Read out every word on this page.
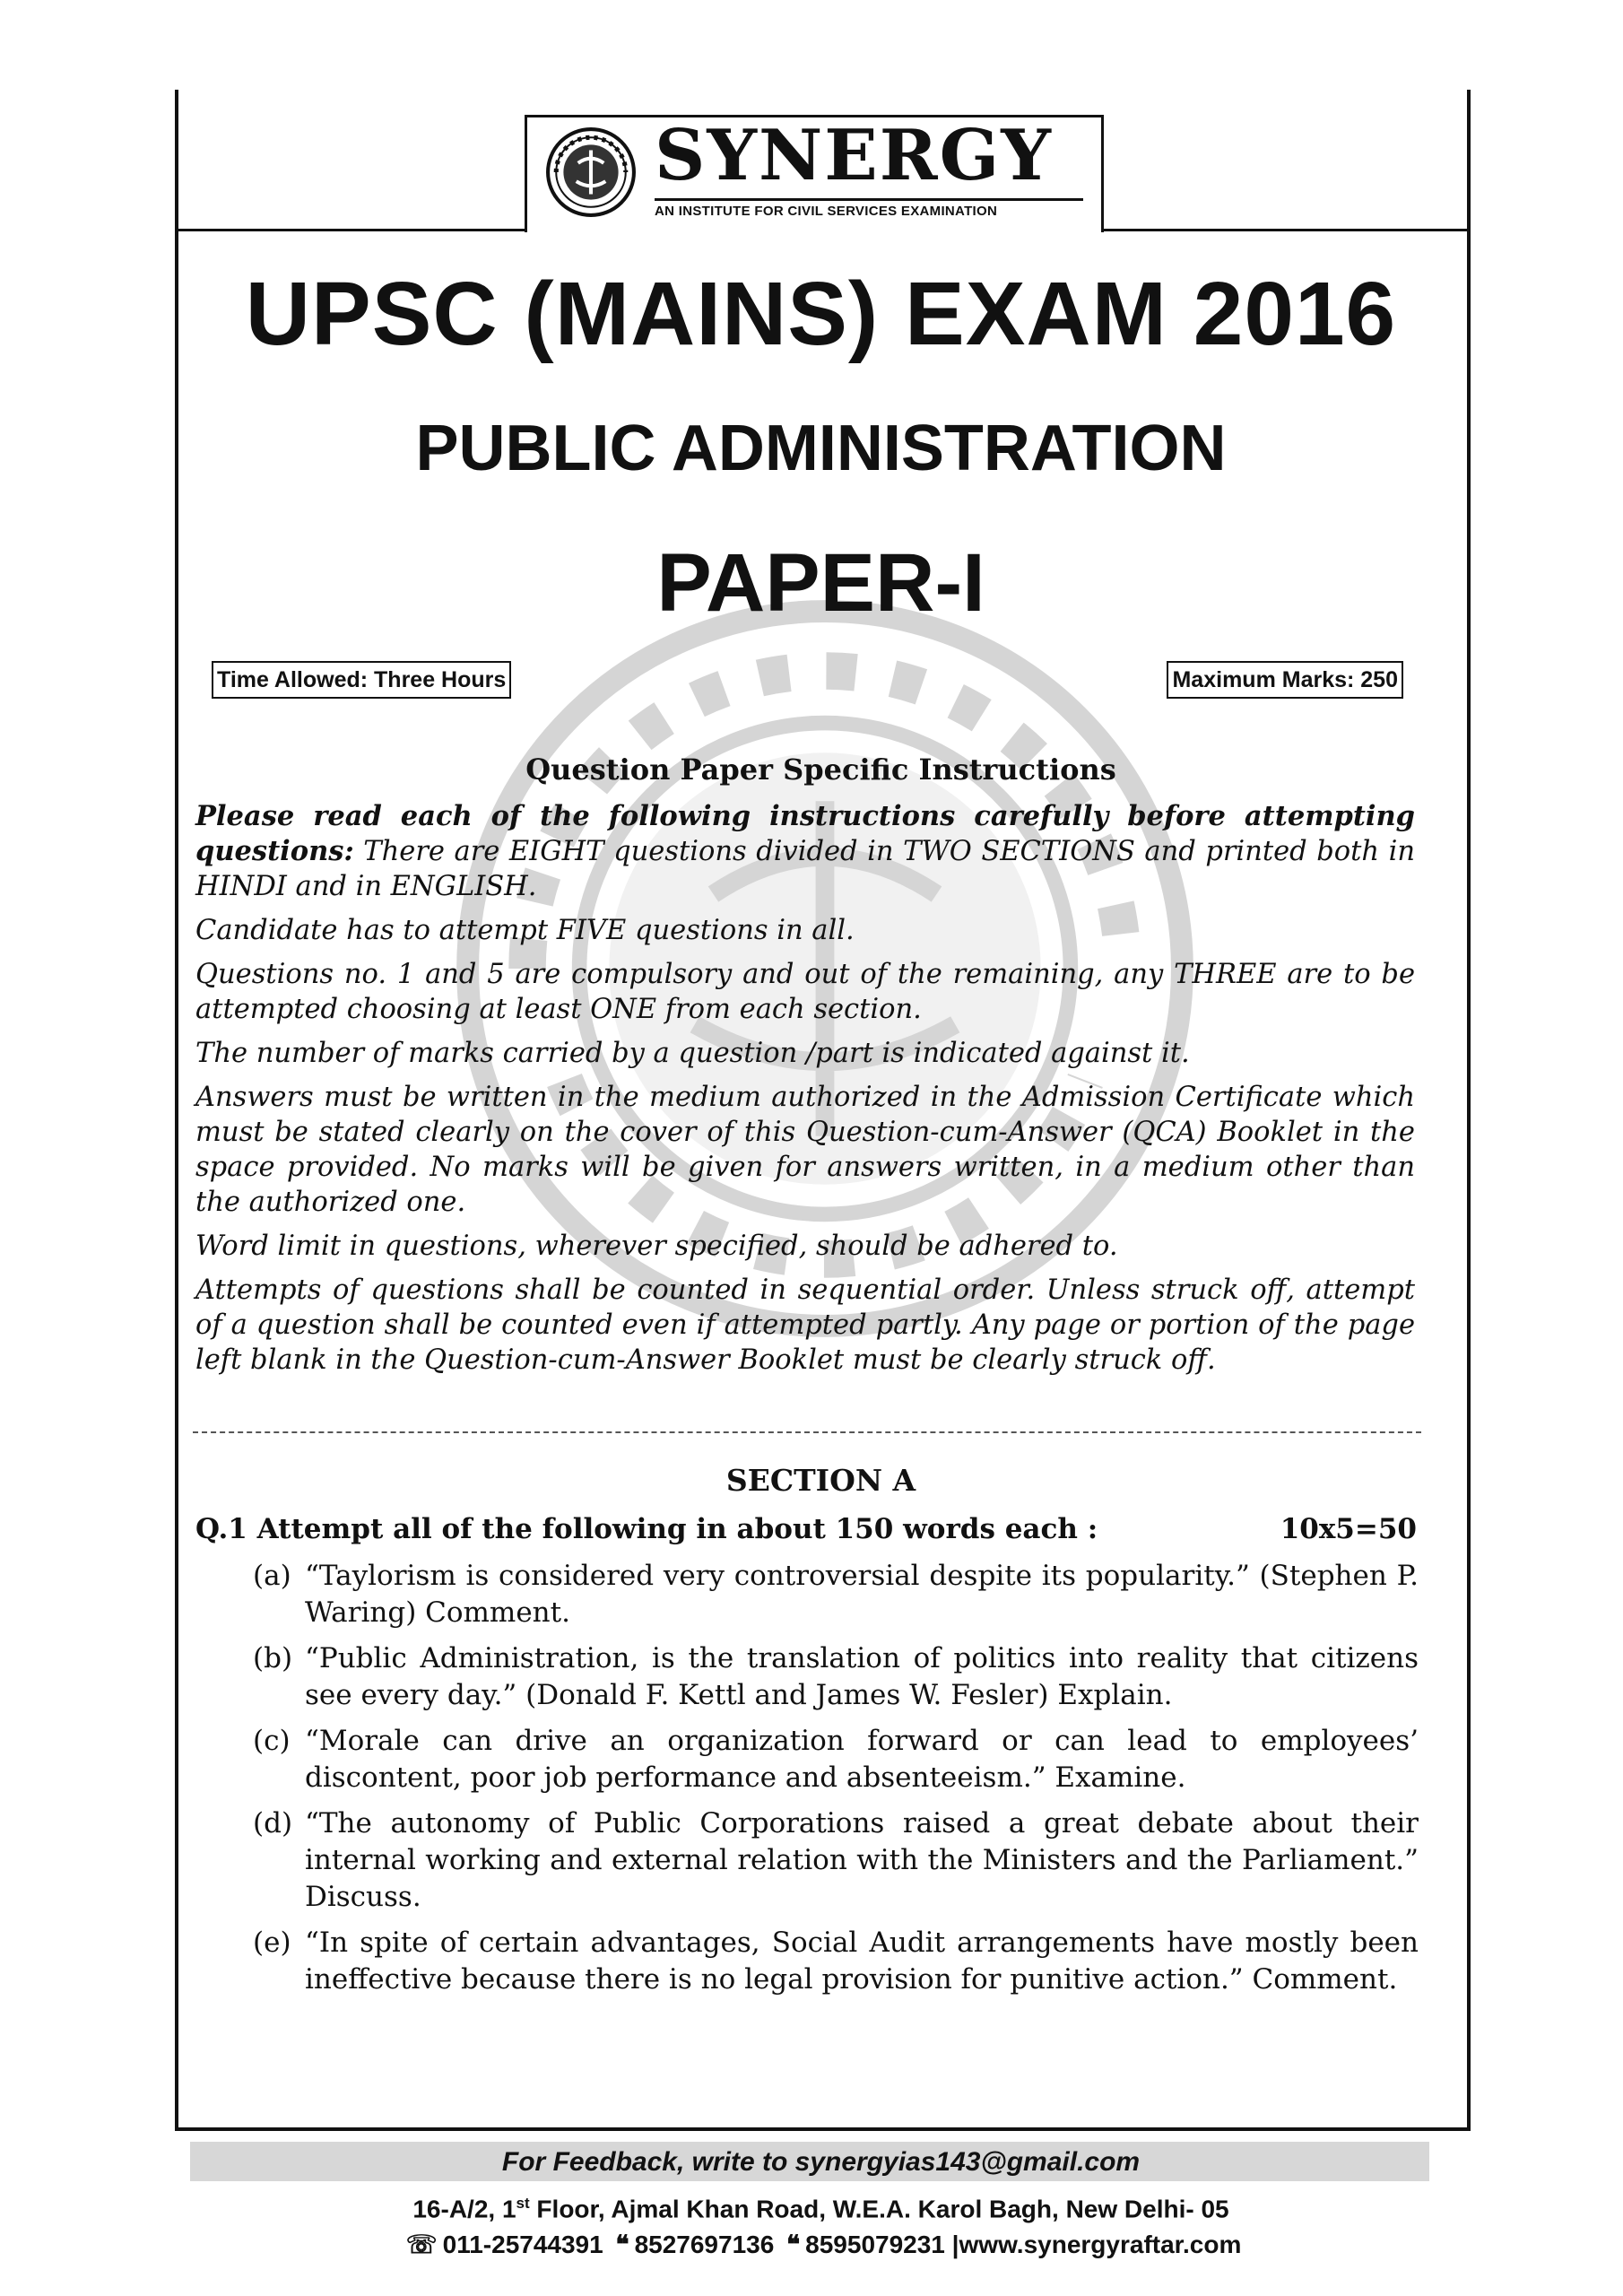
SYNERGY
AN INSTITUTE FOR CIVIL SERVICES EXAMINATION
UPSC (MAINS) EXAM 2016
PUBLIC ADMINISTRATION
PAPER-I
Time Allowed: Three Hours	Maximum Marks: 250
Question Paper Specific Instructions

Please read each of the following instructions carefully before attempting questions: There are EIGHT questions divided in TWO SECTIONS and printed both in HINDI and in ENGLISH.

Candidate has to attempt FIVE questions in all.

Questions no. 1 and 5 are compulsory and out of the remaining, any THREE are to be attempted choosing at least ONE from each section.

The number of marks carried by a question /part is indicated against it.

Answers must be written in the medium authorized in the Admission Certificate which must be stated clearly on the cover of this Question-cum-Answer (QCA) Booklet in the space provided. No marks will be given for answers written, in a medium other than the authorized one.

Word limit in questions, wherever specified, should be adhered to.

Attempts of questions shall be counted in sequential order. Unless struck off, attempt of a question shall be counted even if attempted partly. Any page or portion of the page left blank in the Question-cum-Answer Booklet must be clearly struck off.

SECTION A
Q.1 Attempt all of the following in about 150 words each :	10x5=50
(a) “Taylorism is considered very controversial despite its popularity.” (Stephen P. Waring) Comment.
(b) “Public Administration, is the translation of politics into reality that citizens see every day.” (Donald F. Kettl and James W. Fesler) Explain.
(c) “Morale can drive an organization forward or can lead to employees’ discontent, poor job performance and absenteeism.” Examine.
(d) “The autonomy of Public Corporations raised a great debate about their internal working and external relation with the Ministers and the Parliament.” Discuss.
(e) “In spite of certain advantages, Social Audit arrangements have mostly been ineffective because there is no legal provision for punitive action.” Comment.
For Feedback, write to synergyias143@gmail.com
16-A/2, 1st Floor, Ajmal Khan Road, W.E.A. Karol Bagh, New Delhi- 05
☏ 011-25744391 ❝ 8527697136 ❝ 8595079231 |www.synergyraftar.com
